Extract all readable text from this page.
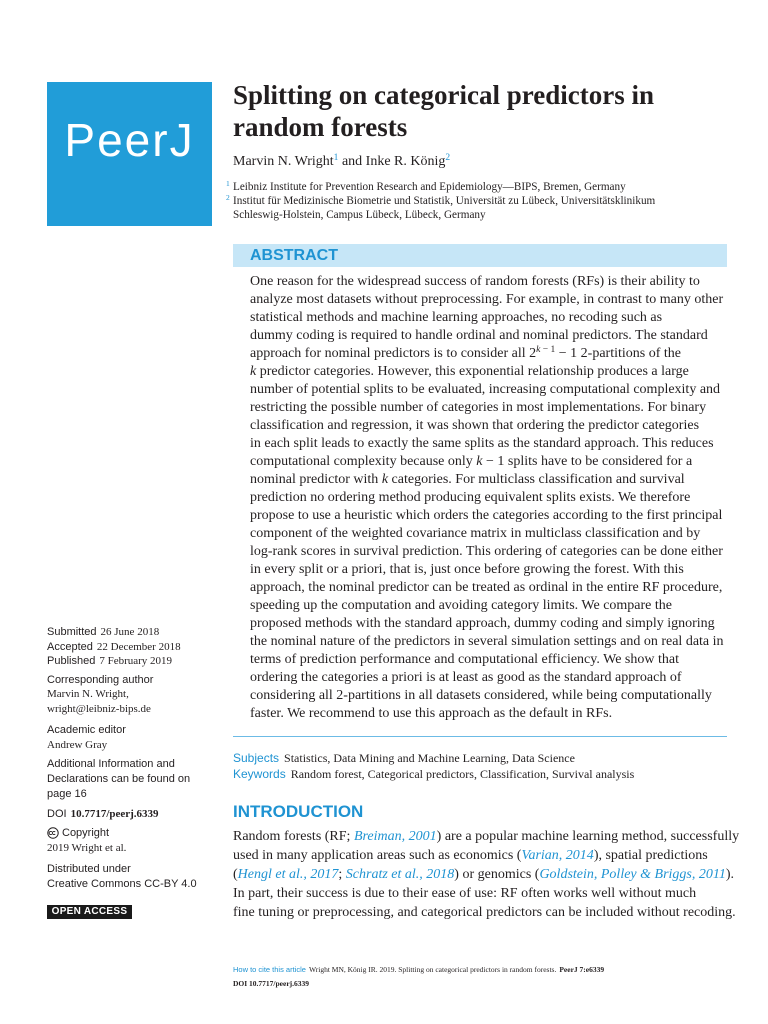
PeerJ
Splitting on categorical predictors in
random forests
Marvin N. Wright$^1$ and Inke R. König$^2$
1 Leibniz Institute for Prevention Research and Epidemiology—BIPS, Bremen, Germany
2 Institut für Medizinische Biometrie und Statistik, Universität zu Lübeck, Universitätsklinikum
Schleswig-Holstein, Campus Lübeck, Lübeck, Germany
ABSTRACT
One reason for the widespread success of random forests (RFs) is their ability to
analyze most datasets without preprocessing. For example, in contrast to many other
statistical methods and machine learning approaches, no recoding such as
dummy coding is required to handle ordinal and nominal predictors. The standard
approach for nominal predictors is to consider all 2$^k$ $^{- 1}$ − 1 2-partitions of the
k predictor categories. However, this exponential relationship produces a large
number of potential splits to be evaluated, increasing computational complexity and
restricting the possible number of categories in most implementations. For binary
classification and regression, it was shown that ordering the predictor categories
in each split leads to exactly the same splits as the standard approach. This reduces
computational complexity because only k − 1 splits have to be considered for a
nominal predictor with k categories. For multiclass classification and survival
prediction no ordering method producing equivalent splits exists. We therefore
propose to use a heuristic which orders the categories according to the first principal
component of the weighted covariance matrix in multiclass classification and by
log-rank scores in survival prediction. This ordering of categories can be done either
in every split or a priori, that is, just once before growing the forest. With this
approach, the nominal predictor can be treated as ordinal in the entire RF procedure,
speeding up the computation and avoiding category limits. We compare the
proposed methods with the standard approach, dummy coding and simply ignoring
the nominal nature of the predictors in several simulation settings and on real data in
terms of prediction performance and computational efficiency. We show that
ordering the categories a priori is at least as good as the standard approach of
considering all 2-partitions in all datasets considered, while being computationally
faster. We recommend to use this approach as the default in RFs.
Subjects Statistics, Data Mining and Machine Learning, Data Science
Keywords Random forest, Categorical predictors, Classification, Survival analysis
INTRODUCTION
Random forests (RF; Breiman, 2001) are a popular machine learning method, successfully
used in many application areas such as economics (Varian, 2014), spatial predictions
(Hengl et al., 2017; Schratz et al., 2018) or genomics (Goldstein, Polley & Briggs, 2011).
In part, their success is due to their ease of use: RF often works well without much
fine tuning or preprocessing, and categorical predictors can be included without recoding.
Submitted 26 June 2018
Accepted 22 December 2018
Published 7 February 2019
Corresponding author
Marvin N. Wright,
wright@leibniz-bips.de
Academic editor
Andrew Gray
Additional Information and
Declarations can be found on
page 16
DOI 10.7717/peerj.6339
Copyright
2019 Wright et al.
Distributed under
Creative Commons CC-BY 4.0
OPEN ACCESS
How to cite this article Wright MN, König IR. 2019. Splitting on categorical predictors in random forests. PeerJ 7:e6339
DOI 10.7717/peerj.6339
